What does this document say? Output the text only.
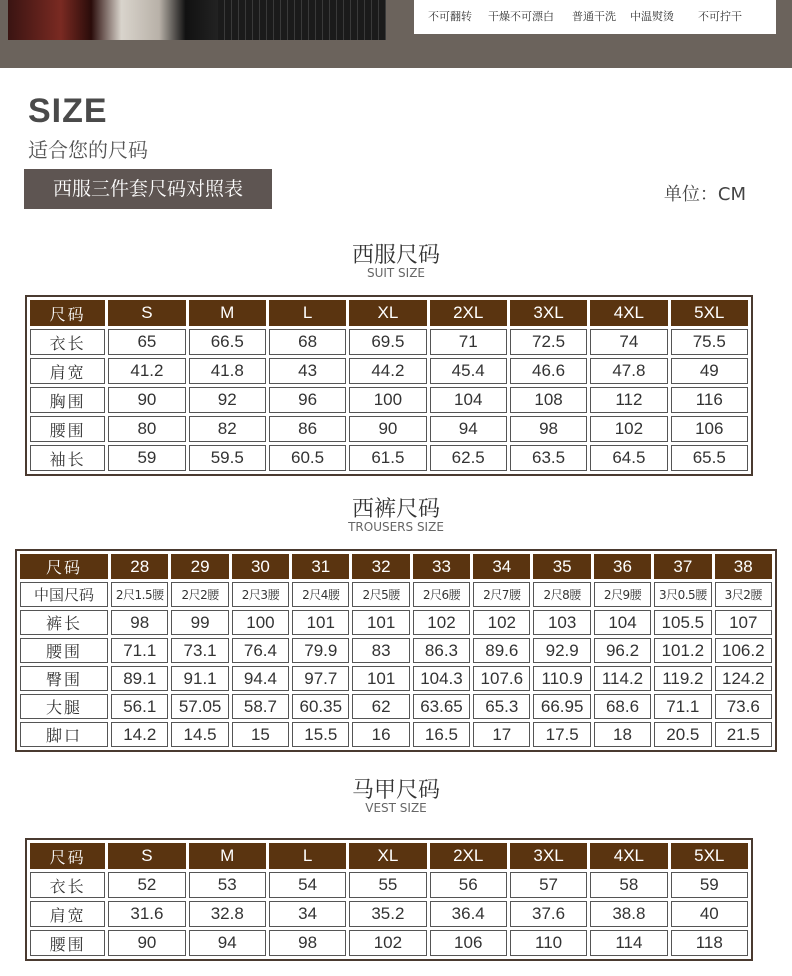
不可翻转 干燥不可漂白 普通干洗 中温熨烫 不可拧干
SIZE
适合您的尺码
西服三件套尺码对照表	单位：CM
西服尺码
SUIT SIZE
尺码	S	M	L	XL	2XL	3XL	4XL	5XL
衣长	65	66.5	68	69.5	71	72.5	74	75.5
肩宽	41.2	41.8	43	44.2	45.4	46.6	47.8	49
胸围	90	92	96	100	104	108	112	116
腰围	80	82	86	90	94	98	102	106
袖长	59	59.5	60.5	61.5	62.5	63.5	64.5	65.5
西裤尺码
TROUSERS SIZE
尺码	28	29	30	31	32	33	34	35	36	37	38
中国尺码	2尺1.5腰	2尺2腰	2尺3腰	2尺4腰	2尺5腰	2尺6腰	2尺7腰	2尺8腰	2尺9腰	3尺0.5腰	3尺2腰
裤长	98	99	100	101	101	102	102	103	104	105.5	107
腰围	71.1	73.1	76.4	79.9	83	86.3	89.6	92.9	96.2	101.2	106.2
臀围	89.1	91.1	94.4	97.7	101	104.3	107.6	110.9	114.2	119.2	124.2
大腿	56.1	57.05	58.7	60.35	62	63.65	65.3	66.95	68.6	71.1	73.6
脚口	14.2	14.5	15	15.5	16	16.5	17	17.5	18	20.5	21.5
马甲尺码
VEST SIZE
尺码	S	M	L	XL	2XL	3XL	4XL	5XL
衣长	52	53	54	55	56	57	58	59
肩宽	31.6	32.8	34	35.2	36.4	37.6	38.8	40
腰围	90	94	98	102	106	110	114	118
